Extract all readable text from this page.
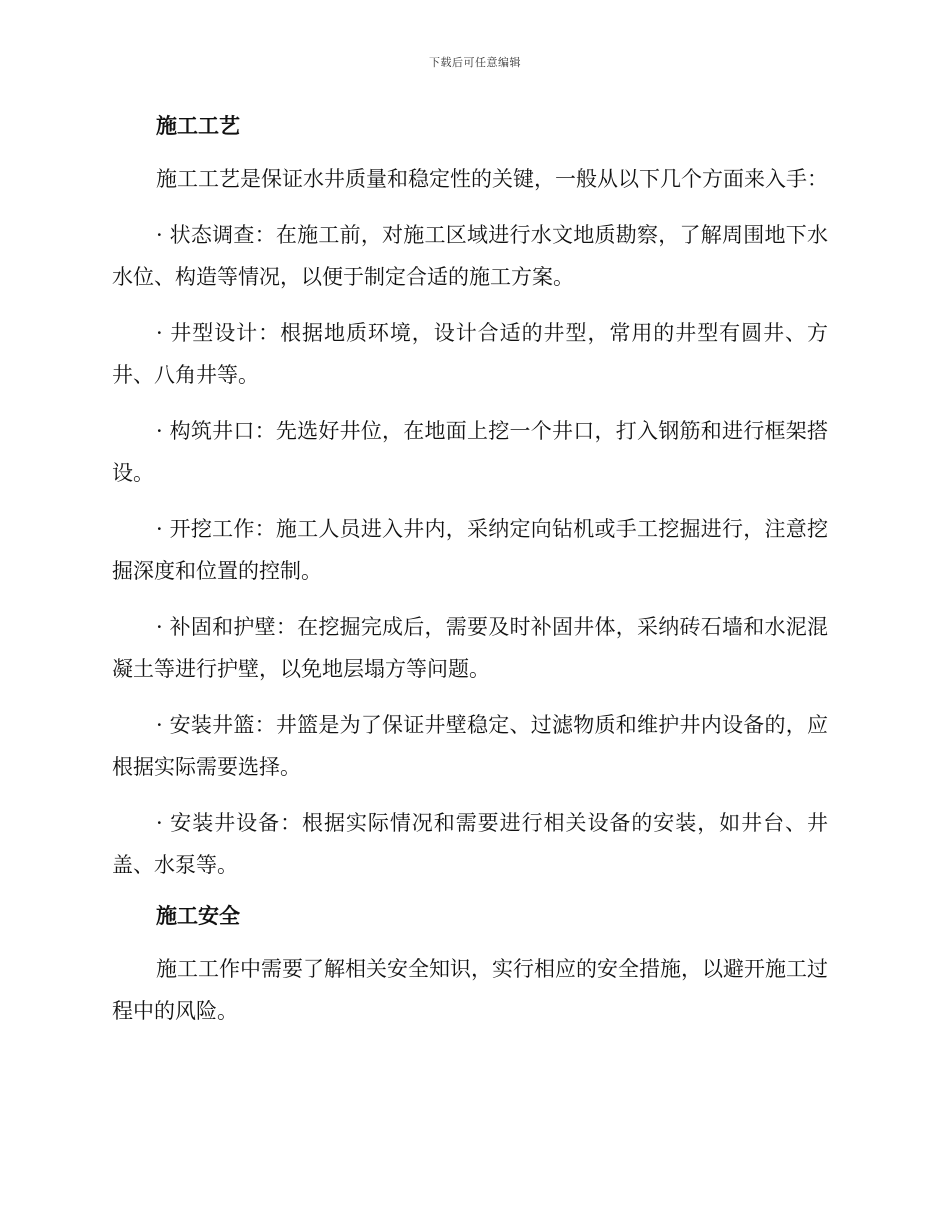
下载后可任意编辑
施工工艺

施工工艺是保证水井质量和稳定性的关键，一般从以下几个方面来入手：

· 状态调查：在施工前，对施工区域进行水文地质勘察，了解周围地下水水位、构造等情况，以便于制定合适的施工方案。

· 井型设计：根据地质环境，设计合适的井型，常用的井型有圆井、方井、八角井等。

· 构筑井口：先选好井位，在地面上挖一个井口，打入钢筋和进行框架搭设。

· 开挖工作：施工人员进入井内，采纳定向钻机或手工挖掘进行，注意挖掘深度和位置的控制。

· 补固和护壁：在挖掘完成后，需要及时补固井体，采纳砖石墙和水泥混凝土等进行护壁，以免地层塌方等问题。

· 安装井篮：井篮是为了保证井壁稳定、过滤物质和维护井内设备的，应根据实际需要选择。

· 安装井设备：根据实际情况和需要进行相关设备的安装，如井台、井盖、水泵等。

施工安全

施工工作中需要了解相关安全知识，实行相应的安全措施，以避开施工过程中的风险。
